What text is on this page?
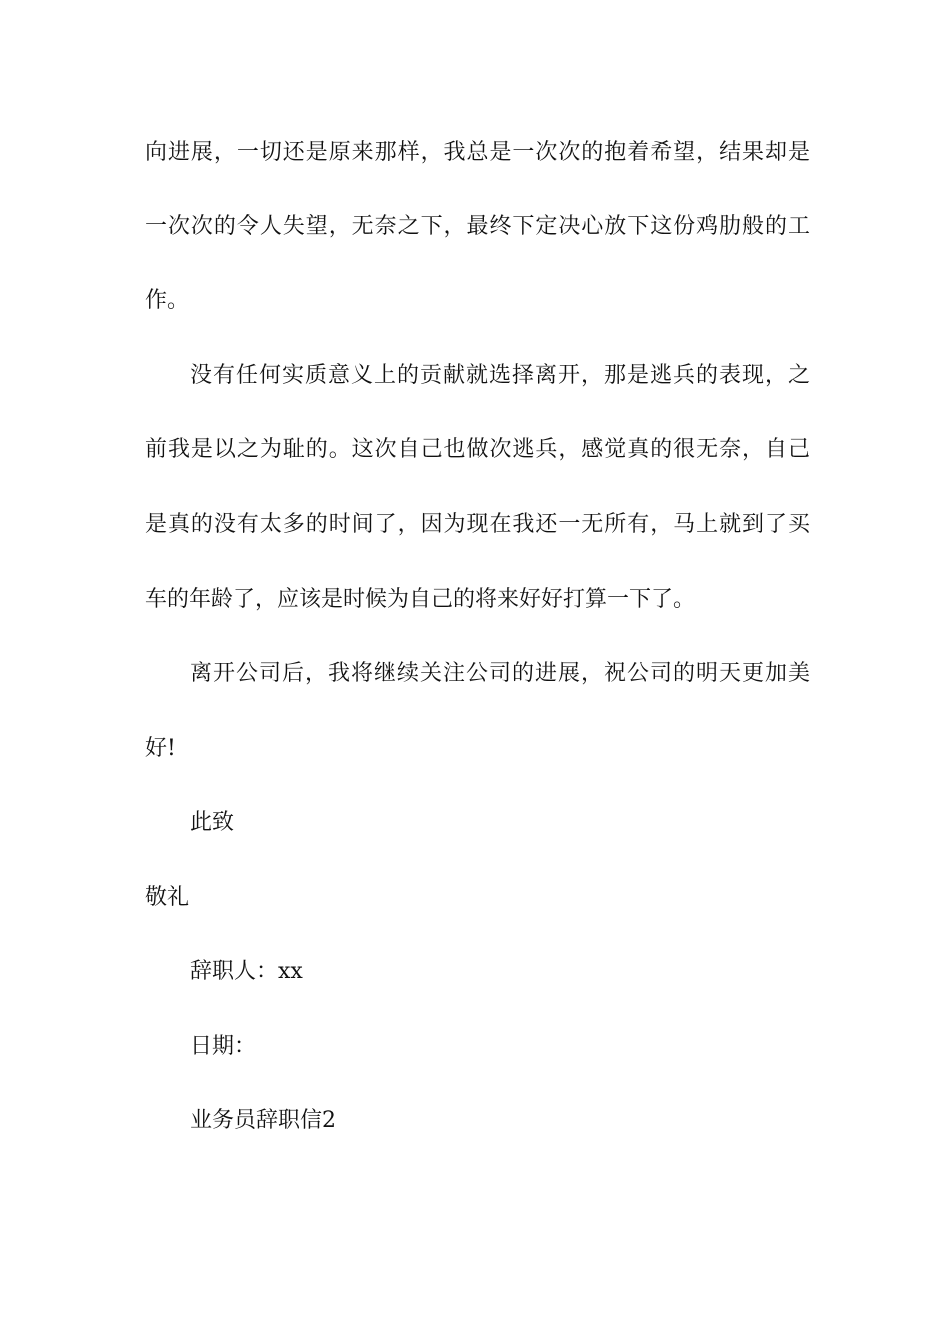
向进展，一切还是原来那样，我总是一次次的抱着希望，结果却是
一次次的令人失望，无奈之下，最终下定决心放下这份鸡肋般的工
作。
没有任何实质意义上的贡献就选择离开，那是逃兵的表现，之
前我是以之为耻的。这次自己也做次逃兵，感觉真的很无奈，自己
是真的没有太多的时间了，因为现在我还一无所有，马上就到了买
车的年龄了，应该是时候为自己的将来好好打算一下了。
离开公司后，我将继续关注公司的进展，祝公司的明天更加美
好!
此致
敬礼
辞职人：xx
日期：
业务员辞职信2
